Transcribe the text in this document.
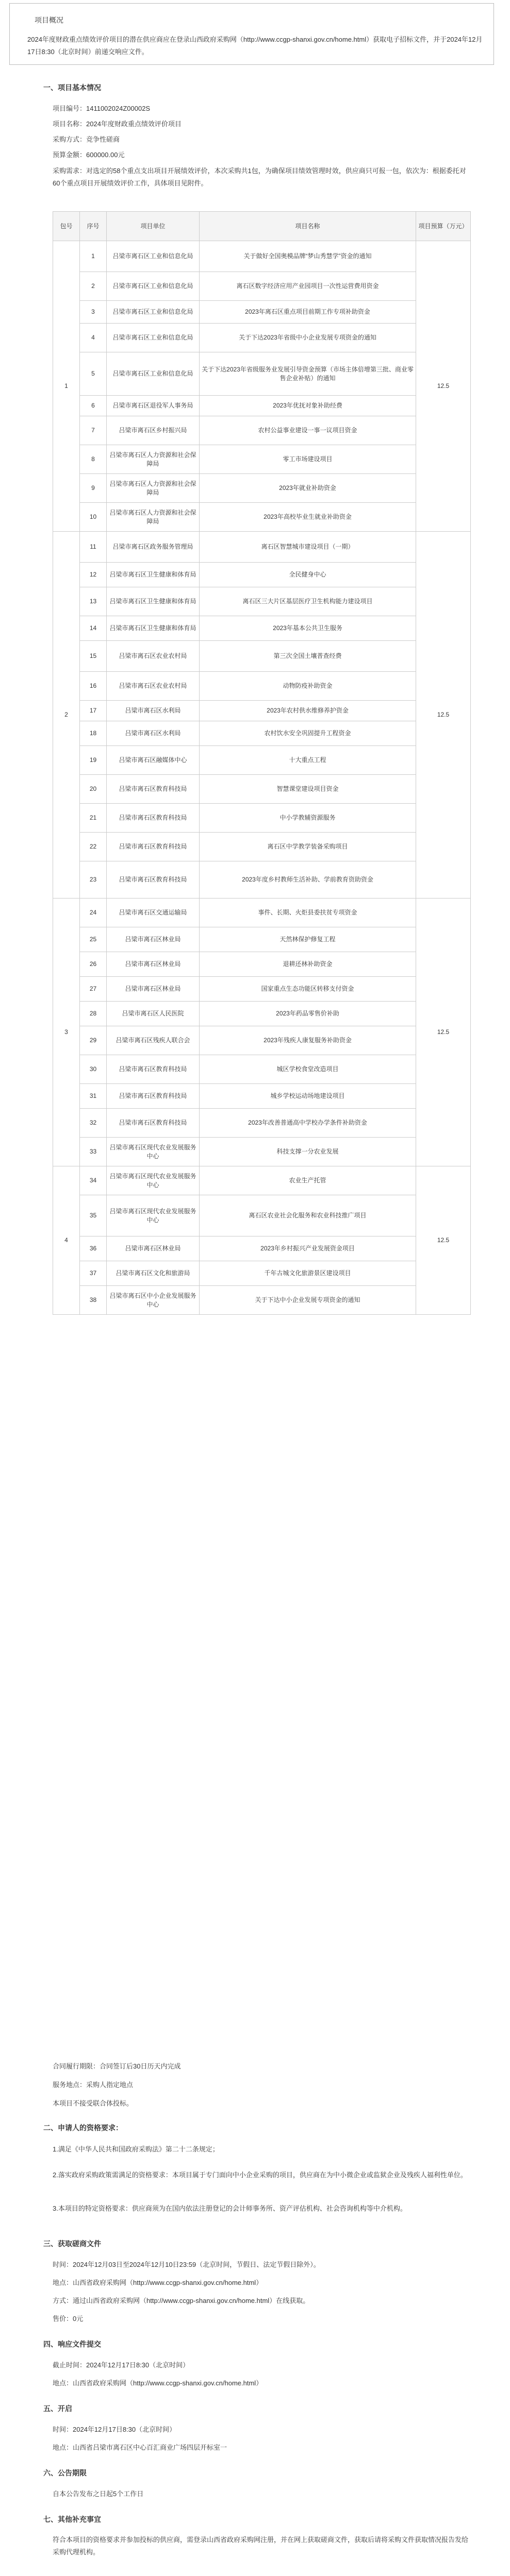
项目概况
2024年度财政重点绩效评价项目的潜在供应商应在登录山西政府采购网（http://www.ccgp-shanxi.gov.cn/home.html）获取电子招标文件，并于2024年12月17日8:30（北京时间）前递交响应文件。
一、项目基本情况
项目编号：1411002024Z00002S
项目名称：2024年度财政重点绩效评价项目
采购方式：竞争性磋商
预算金额：600000.00元
采购需求：对选定的58个重点支出项目开展绩效评价，本次采购共1包，为确保项目绩效管理时效，供应商只可报一包，依次为：根据委托对60个重点项目开展绩效评价工作，具体项目见附件。
包号	序号	项目单位	项目名称	项目预算（万元）
1	1	吕梁市离石区工业和信息化局	关于做好全国奥模品牌“梦山秀慧学”资金的通知	12.5
	2	吕梁市离石区工业和信息化局	离石区数字经济应用产业园项目一次性运营费用资金	
	3	吕梁市离石区工业和信息化局	2023年离石区重点项目前期工作专项补助资金	
	4	吕梁市离石区工业和信息化局	关于下达2023年省级中小企业发展专项资金的通知	
	5	吕梁市离石区工业和信息化局	关于下达2023年省级服务业发展引导资金预算（市场主体倍增第三批、商业零售企业补贴）的通知	
	6	吕梁市离石区退役军人事务局	2023年优抚对象补助经费	
	7	吕梁市离石区乡村振兴局	农村公益事业建设一事一议项目资金	
	8	吕梁市离石区人力资源和社会保障局	零工市场建设项目	
	9	吕梁市离石区人力资源和社会保障局	2023年就业补助资金	
	10	吕梁市离石区人力资源和社会保障局	2023年高校毕业生就业补助资金	
2	11	吕梁市离石区政务服务管理局	离石区智慧城市建设项目（一期）	12.5
	12	吕梁市离石区卫生健康和体育局	全民健身中心	
	13	吕梁市离石区卫生健康和体育局	离石区三大片区基层医疗卫生机构能力建设项目	
	14	吕梁市离石区卫生健康和体育局	2023年基本公共卫生服务	
	15	吕梁市离石区农业农村局	第三次全国土壤普查经费	
	16	吕梁市离石区农业农村局	动物防疫补助资金	
	17	吕梁市离石区水利局	2023年农村供水维修养护资金	
	18	吕梁市离石区水利局	农村饮水安全巩固提升工程资金	
	19	吕梁市离石区融媒体中心	十大重点工程	
	20	吕梁市离石区教育科技局	智慧课堂建设项目资金	
	21	吕梁市离石区教育科技局	中小学教辅资源服务	
	22	吕梁市离石区教育科技局	离石区中学教学装备采购项目	
	23	吕梁市离石区教育科技局	2023年度乡村教师生活补助、学前教育资助资金	
3	24	吕梁市离石区交通运输局	事件、长期、火炬县委扶贫专项资金	12.5
	25	吕梁市离石区林业局	天然林保护修复工程	
	26	吕梁市离石区林业局	退耕还林补助资金	
	27	吕梁市离石区林业局	国家重点生态功能区转移支付资金	
	28	吕梁市离石区人民医院	2023年药品零售价补助	
	29	吕梁市离石区残疾人联合会	2023年残疾人康复服务补助资金	
	30	吕梁市离石区教育科技局	城区学校食堂改造项目	
	31	吕梁市离石区教育科技局	城乡学校运动场地建设项目	
	32	吕梁市离石区教育科技局	2023年改善普通高中学校办学条件补助资金	
	33	吕梁市离石区现代农业发展服务中心	科技支撑一分农业发展	
4	34	吕梁市离石区现代农业发展服务中心	农业生产托管	12.5
	35	吕梁市离石区现代农业发展服务中心	离石区农业社会化服务和农业科技推广项目	
	36	吕梁市离石区林业局	2023年乡村振兴产业发展资金项目	
	37	吕梁市离石区文化和旅游局	千年古城文化旅游景区建设项目	
	38	吕梁市离石区中小企业发展服务中心	关于下达中小企业发展专项资金的通知	
合同履行期限：合同签订后30日历天内完成
服务地点：采购人指定地点
本项目不接受联合体投标。
二、申请人的资格要求：
1.满足《中华人民共和国政府采购法》第二十二条规定；
2.落实政府采购政策需满足的资格要求：本项目属于专门面向中小企业采购的项目，供应商在为中小微企业或监狱企业及残疾人福利性单位。
3.本项目的特定资格要求：供应商须为在国内依法注册登记的会计师事务所、资产评估机构、社会咨询机构等中介机构。
三、获取磋商文件
时间：2024年12月03日至2024年12月10日23:59（北京时间，节假日、法定节假日除外）。
地点：山西省政府采购网（http://www.ccgp-shanxi.gov.cn/home.html）
方式：通过山西省政府采购网（http://www.ccgp-shanxi.gov.cn/home.html）在线获取。
售价：0元
四、响应文件提交
截止时间：2024年12月17日8:30（北京时间）
地点：山西省政府采购网（http://www.ccgp-shanxi.gov.cn/home.html）
五、开启
时间：2024年12月17日8:30（北京时间）
地点：山西省吕梁市离石区中心百汇商业广场四层开标室一
六、公告期限
自本公告发布之日起5个工作日
七、其他补充事宜
符合本项目的资格要求并参加投标的供应商，需登录山西省政府采购网注册，并在网上获取磋商文件，获取后请将采购文件获取情况报告发给采购代理机构。
